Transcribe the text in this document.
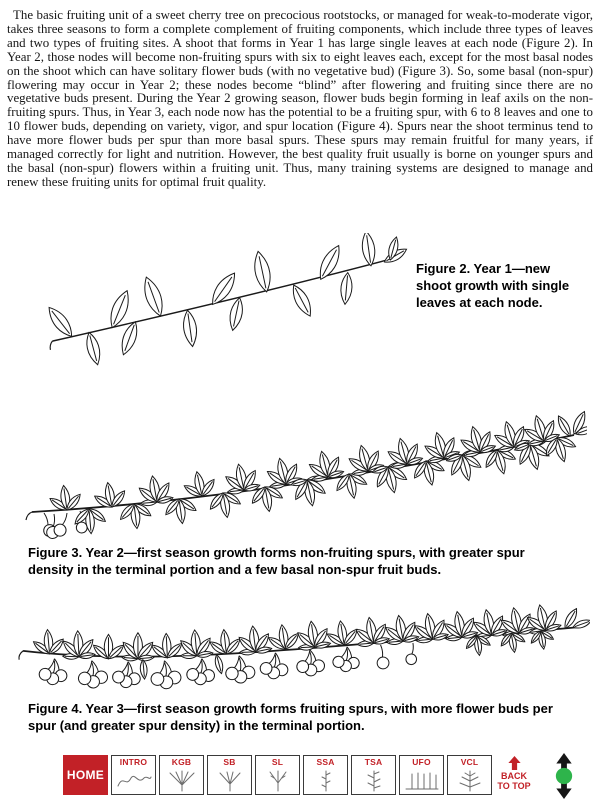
The basic fruiting unit of a sweet cherry tree on precocious rootstocks, or managed for weak-to-moderate vigor, takes three seasons to form a complete complement of fruiting components, which include three types of leaves and two types of fruiting sites. A shoot that forms in Year 1 has large single leaves at each node (Figure 2). In Year 2, those nodes will become non-fruiting spurs with six to eight leaves each, except for the most basal nodes on the shoot which can have solitary flower buds (with no vegetative bud) (Figure 3). So, some basal (non-spur) flowering may occur in Year 2; these nodes become “blind” after flowering and fruiting since there are no vegetative buds present. During the Year 2 growing season, flower buds begin forming in leaf axils on the non-fruiting spurs. Thus, in Year 3, each node now has the potential to be a fruiting spur, with 6 to 8 leaves and one to 10 flower buds, depending on variety, vigor, and spur location (Figure 4). Spurs near the shoot terminus tend to have more flower buds per spur than more basal spurs. These spurs may remain fruitful for many years, if managed correctly for light and nutrition. However, the best quality fruit usually is borne on younger spurs and the basal (non-spur) flowers within a fruiting unit. Thus, many training systems are designed to manage and renew these fruiting units for optimal fruit quality.

Figure 2. Year 1—new shoot growth with single leaves at each node.
Figure 3. Year 2—first season growth forms non-fruiting spurs, with greater spur density in the terminal portion and a few basal non-spur fruit buds.
Figure 4. Year 3—first season growth forms fruiting spurs, with more flower buds per spur (and greater spur density) in the terminal portion.
HOME
INTRO	KGB	SB	SL	SSA	TSA	UFO	VCL
BACK TO TOP
